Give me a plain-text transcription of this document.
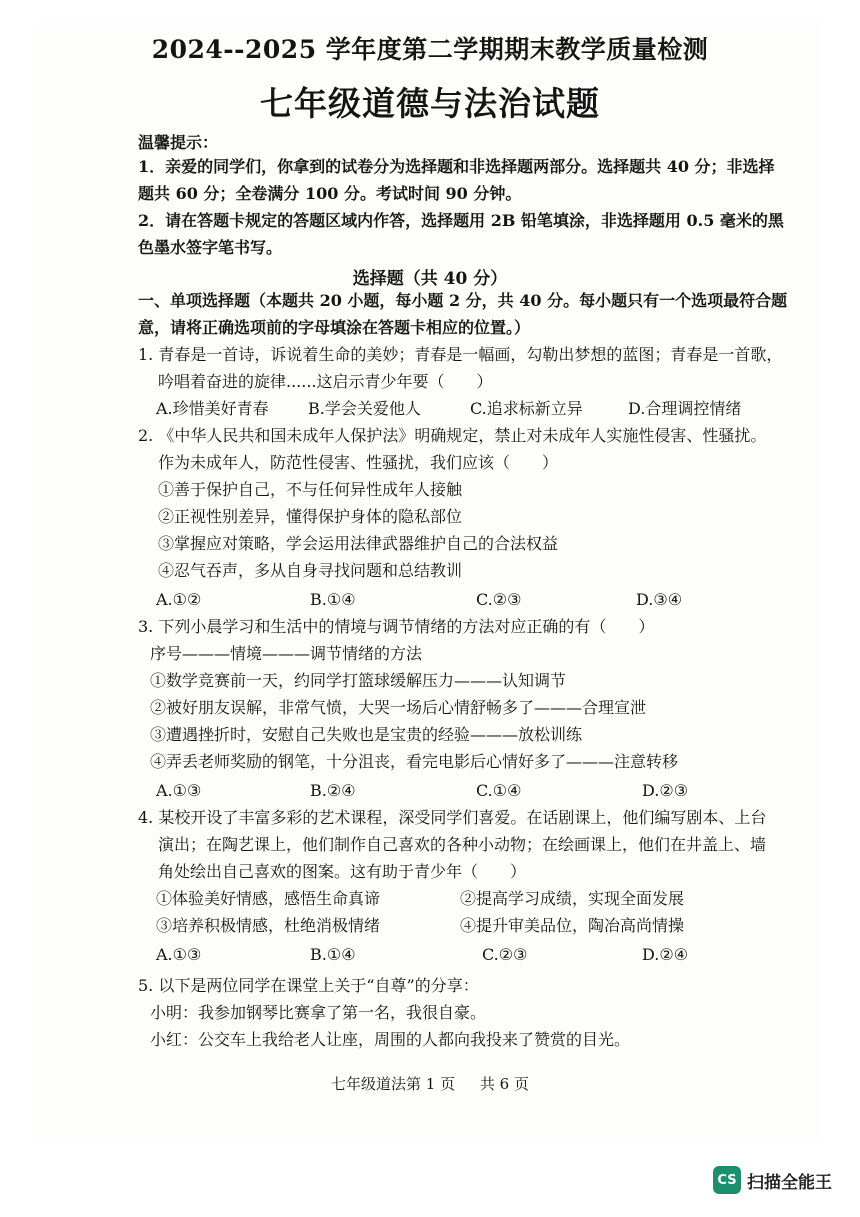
2024--2025 学年度第二学期期末教学质量检测
七年级道德与法治试题
温馨提示：
1．亲爱的同学们，你拿到的试卷分为选择题和非选择题两部分。选择题共 40 分；非选择
题共 60 分；全卷满分 100 分。考试时间 90 分钟。
2．请在答题卡规定的答题区域内作答，选择题用 2B 铅笔填涂，非选择题用 0.5 毫米的黑
色墨水签字笔书写。
选择题（共 40 分）
一、单项选择题（本题共 20 小题，每小题 2 分，共 40 分。每小题只有一个选项最符合题
意，请将正确选项前的字母填涂在答题卡相应的位置。）
1. 青春是一首诗，诉说着生命的美妙；青春是一幅画，勾勒出梦想的蓝图；青春是一首歌，
吟唱着奋进的旋律......这启示青少年要（　　）
A.珍惜美好青春 B.学会关爱他人	C.追求标新立异	D.合理调控情绪
2. 《中华人民共和国未成年人保护法》明确规定，禁止对未成年人实施性侵害、性骚扰。
作为未成年人，防范性侵害、性骚扰，我们应该（　　）
①善于保护自己，不与任何异性成年人接触
②正视性别差异，懂得保护身体的隐私部位
③掌握应对策略，学会运用法律武器维护自己的合法权益
④忍气吞声，多从自身寻找问题和总结教训
A.①②	B.①④	C.②③	D.③④
3. 下列小晨学习和生活中的情境与调节情绪的方法对应正确的有（　　）
序号———情境———调节情绪的方法
①数学竞赛前一天，约同学打篮球缓解压力———认知调节
②被好朋友误解，非常气愤，大哭一场后心情舒畅多了———合理宣泄
③遭遇挫折时，安慰自己失败也是宝贵的经验———放松训练
④弄丢老师奖励的钢笔，十分沮丧，看完电影后心情好多了———注意转移
A.①③	B.②④	C.①④	D.②③
4. 某校开设了丰富多彩的艺术课程，深受同学们喜爱。在话剧课上，他们编写剧本、上台
演出；在陶艺课上，他们制作自己喜欢的各种小动物；在绘画课上，他们在井盖上、墙
角处绘出自己喜欢的图案。这有助于青少年（　　）
①体验美好情感，感悟生命真谛	②提高学习成绩，实现全面发展
③培养积极情感，杜绝消极情绪	④提升审美品位，陶冶高尚情操
A.①③	B.①④	C.②③	D.②④
5. 以下是两位同学在课堂上关于“自尊”的分享：
小明：我参加钢琴比赛拿了第一名，我很自豪。
小红：公交车上我给老人让座，周围的人都向我投来了赞赏的目光。
七年级道法第 1 页 共 6 页
CS 扫描全能王
